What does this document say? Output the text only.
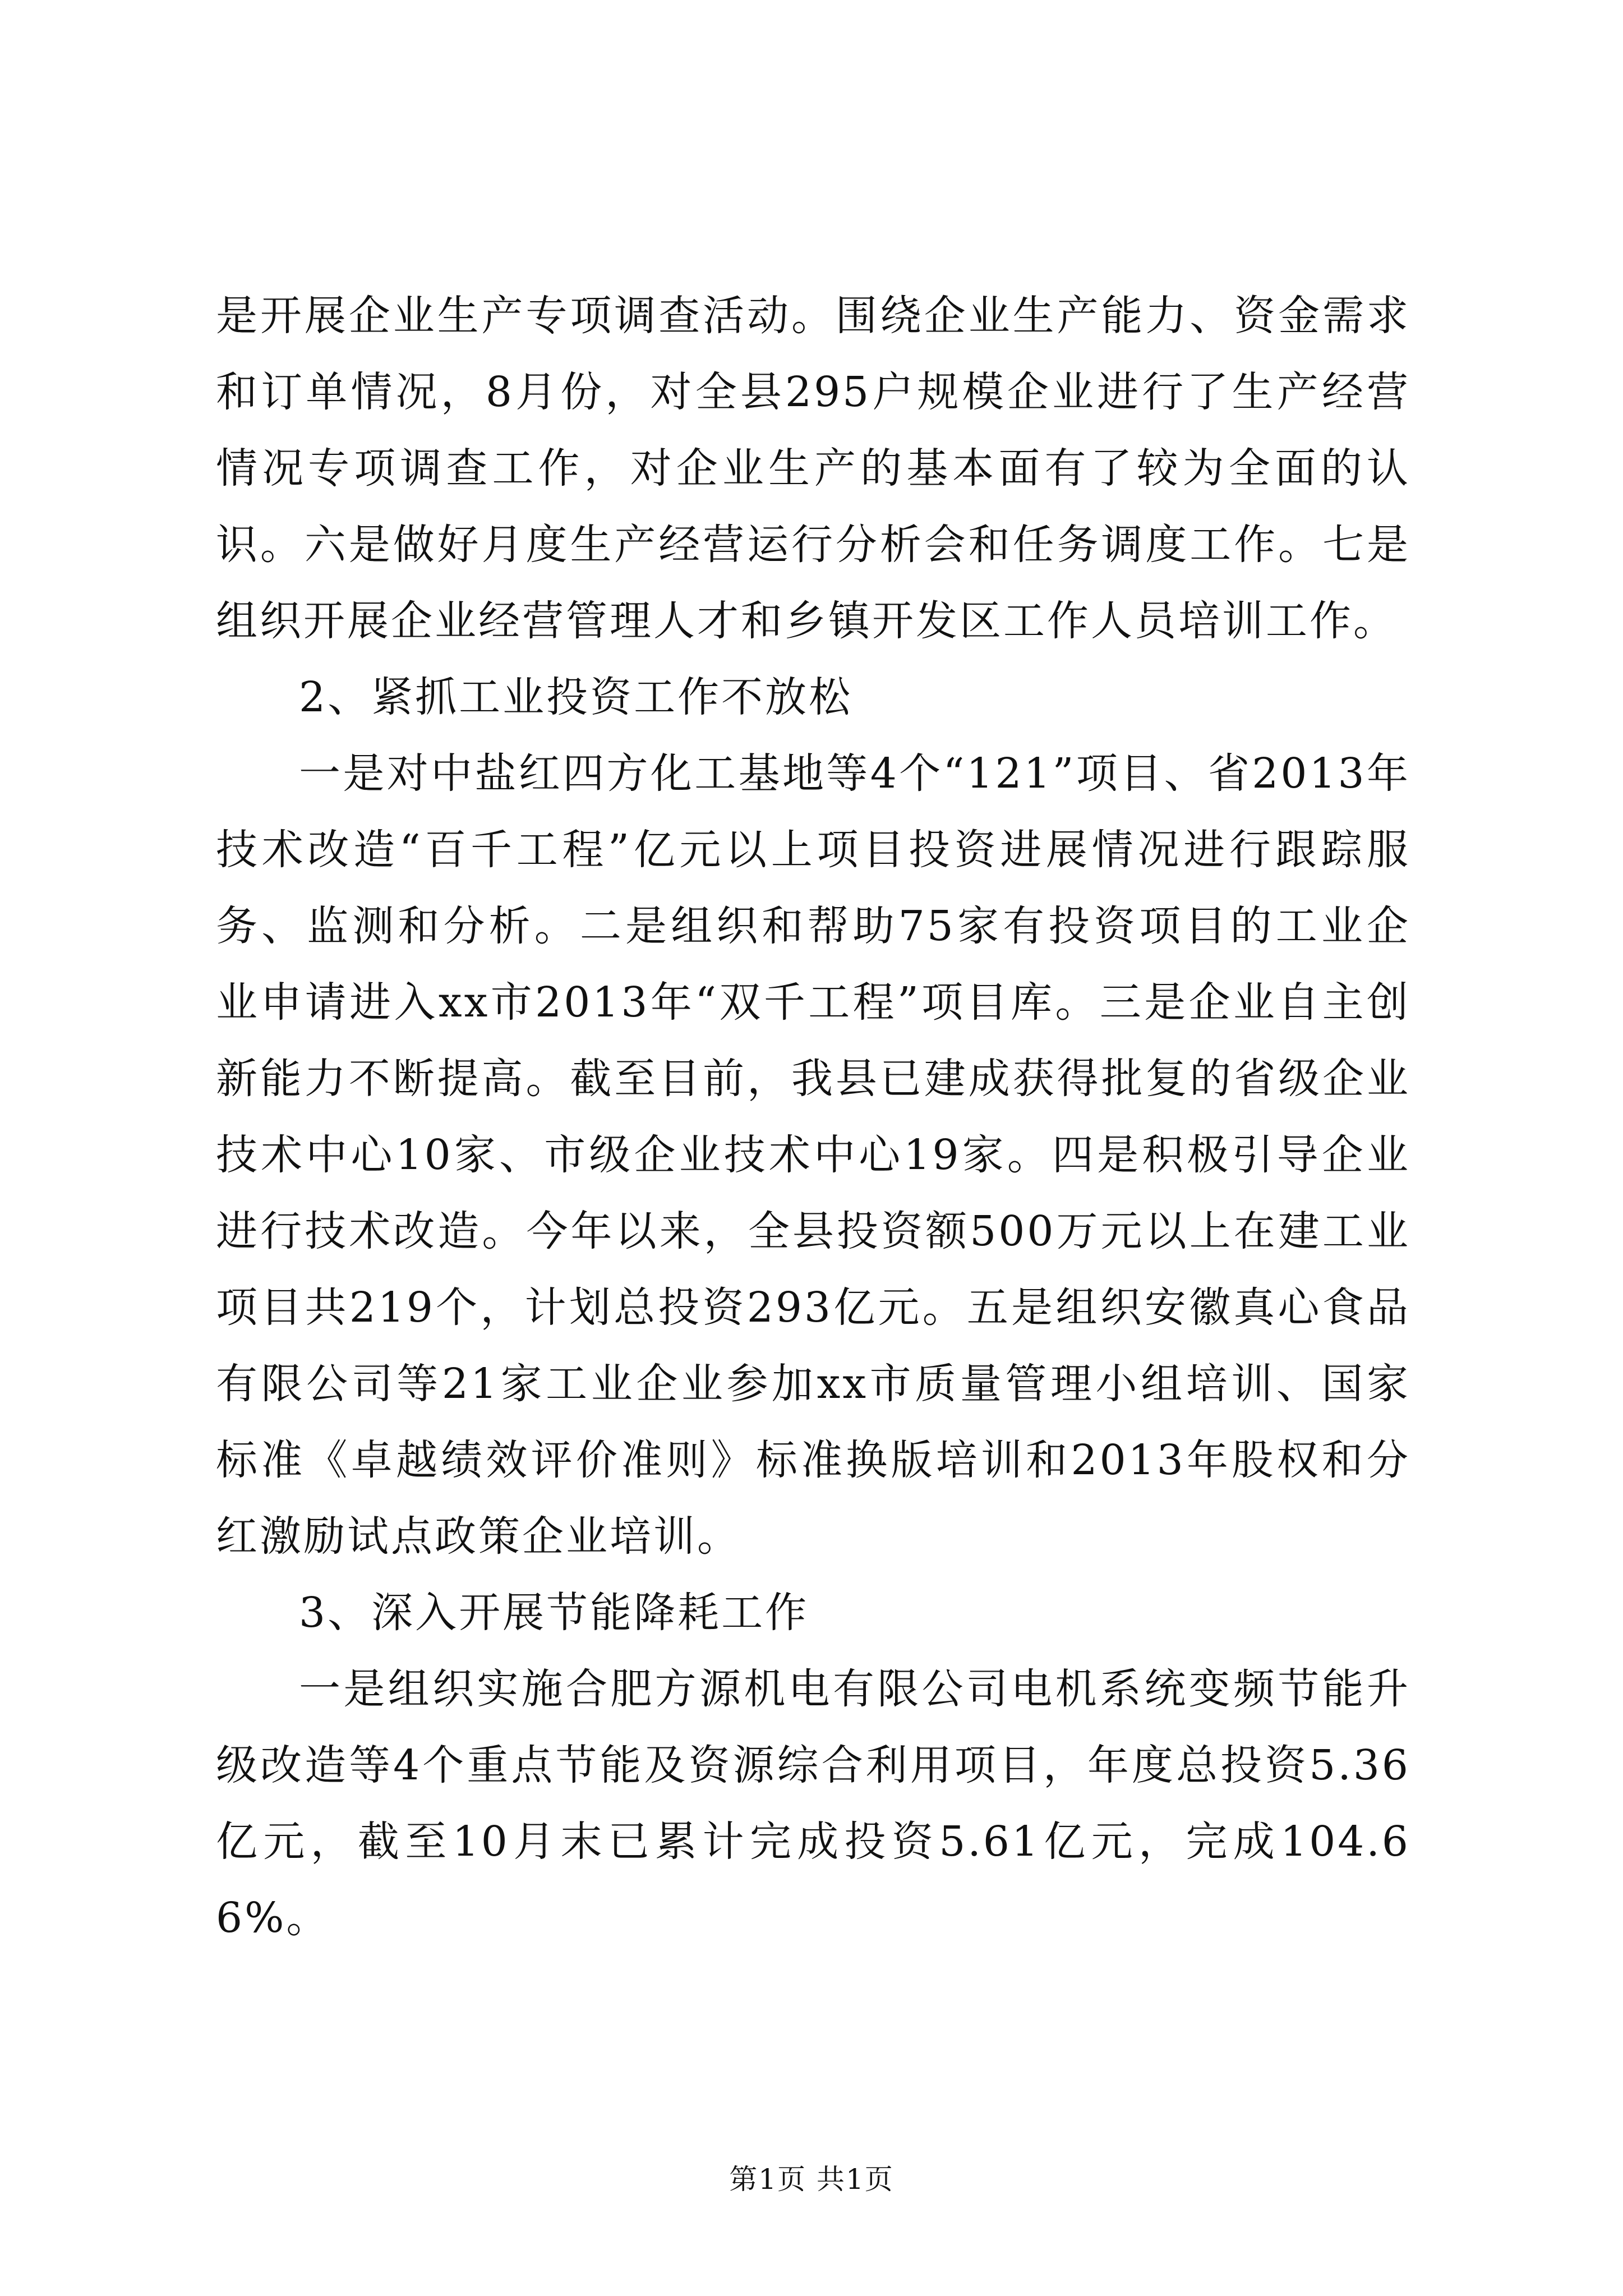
是开展企业生产专项调查活动。围绕企业生产能力、资金需求和订单情况，8月份，对全县295户规模企业进行了生产经营情况专项调查工作，对企业生产的基本面有了较为全面的认识。六是做好月度生产经营运行分析会和任务调度工作。七是组织开展企业经营管理人才和乡镇开发区工作人员培训工作。

2、紧抓工业投资工作不放松

一是对中盐红四方化工基地等4个“121”项目、省2013年技术改造“百千工程”亿元以上项目投资进展情况进行跟踪服务、监测和分析。二是组织和帮助75家有投资项目的工业企业申请进入xx市2013年“双千工程”项目库。三是企业自主创新能力不断提高。截至目前，我县已建成获得批复的省级企业技术中心10家、市级企业技术中心19家。四是积极引导企业进行技术改造。今年以来，全县投资额500万元以上在建工业项目共219个，计划总投资293亿元。五是组织安徽真心食品有限公司等21家工业企业参加xx市质量管理小组培训、国家标准《卓越绩效评价准则》标准换版培训和2013年股权和分红激励试点政策企业培训。

3、深入开展节能降耗工作

一是组织实施合肥方源机电有限公司电机系统变频节能升级改造等4个重点节能及资源综合利用项目，年度总投资5.36亿元，截至10月末已累计完成投资5.61亿元，完成104.66%。

第1页 共1页
